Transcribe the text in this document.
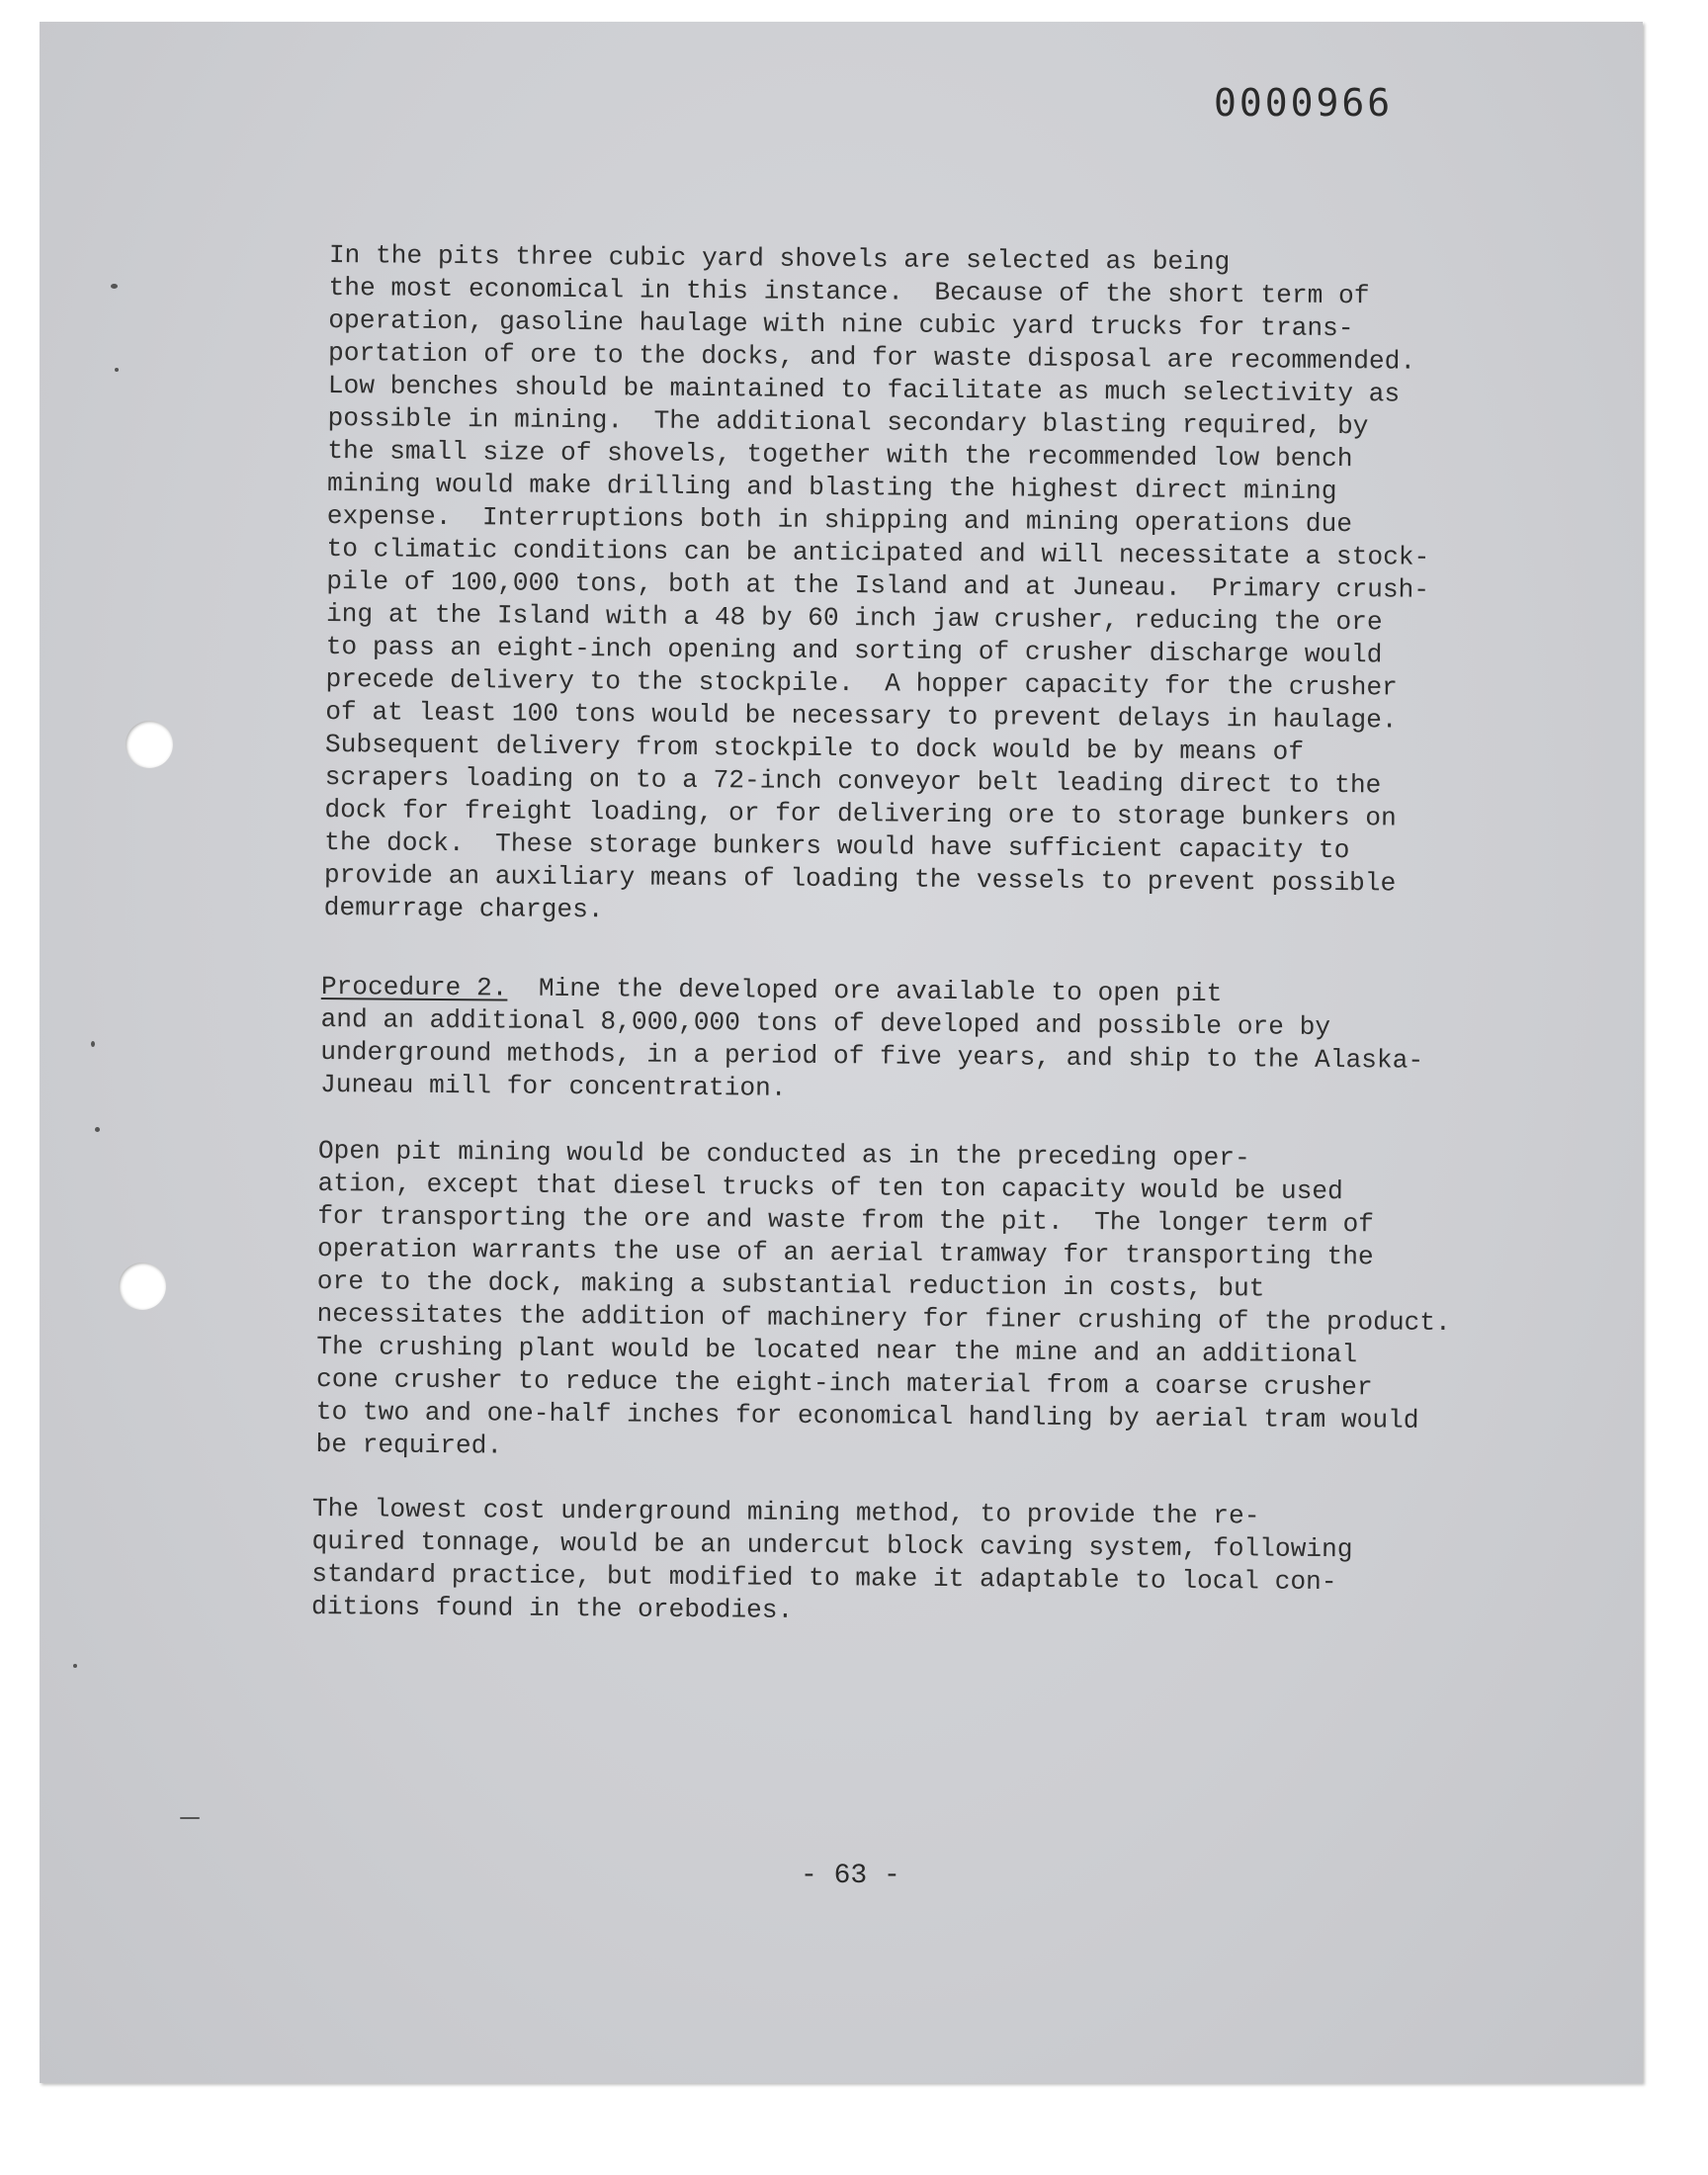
0000966

In the pits three cubic yard shovels are selected as being
the most economical in this instance.  Because of the short term of
operation, gasoline haulage with nine cubic yard trucks for trans-
portation of ore to the docks, and for waste disposal are recommended.
Low benches should be maintained to facilitate as much selectivity as
possible in mining.  The additional secondary blasting required, by
the small size of shovels, together with the recommended low bench
mining would make drilling and blasting the highest direct mining
expense.  Interruptions both in shipping and mining operations due
to climatic conditions can be anticipated and will necessitate a stock-
pile of 100,000 tons, both at the Island and at Juneau.  Primary crush-
ing at the Island with a 48 by 60 inch jaw crusher, reducing the ore
to pass an eight-inch opening and sorting of crusher discharge would
precede delivery to the stockpile.  A hopper capacity for the crusher
of at least 100 tons would be necessary to prevent delays in haulage.
Subsequent delivery from stockpile to dock would be by means of
scrapers loading on to a 72-inch conveyor belt leading direct to the
dock for freight loading, or for delivering ore to storage bunkers on
the dock.  These storage bunkers would have sufficient capacity to
provide an auxiliary means of loading the vessels to prevent possible
demurrage charges.

Procedure 2.  Mine the developed ore available to open pit
and an additional 8,000,000 tons of developed and possible ore by
underground methods, in a period of five years, and ship to the Alaska-
Juneau mill for concentration.

Open pit mining would be conducted as in the preceding oper-
ation, except that diesel trucks of ten ton capacity would be used
for transporting the ore and waste from the pit.  The longer term of
operation warrants the use of an aerial tramway for transporting the
ore to the dock, making a substantial reduction in costs, but
necessitates the addition of machinery for finer crushing of the product.
The crushing plant would be located near the mine and an additional
cone crusher to reduce the eight-inch material from a coarse crusher
to two and one-half inches for economical handling by aerial tram would
be required.

The lowest cost underground mining method, to provide the re-
quired tonnage, would be an undercut block caving system, following
standard practice, but modified to make it adaptable to local con-
ditions found in the orebodies.

- 63 -
